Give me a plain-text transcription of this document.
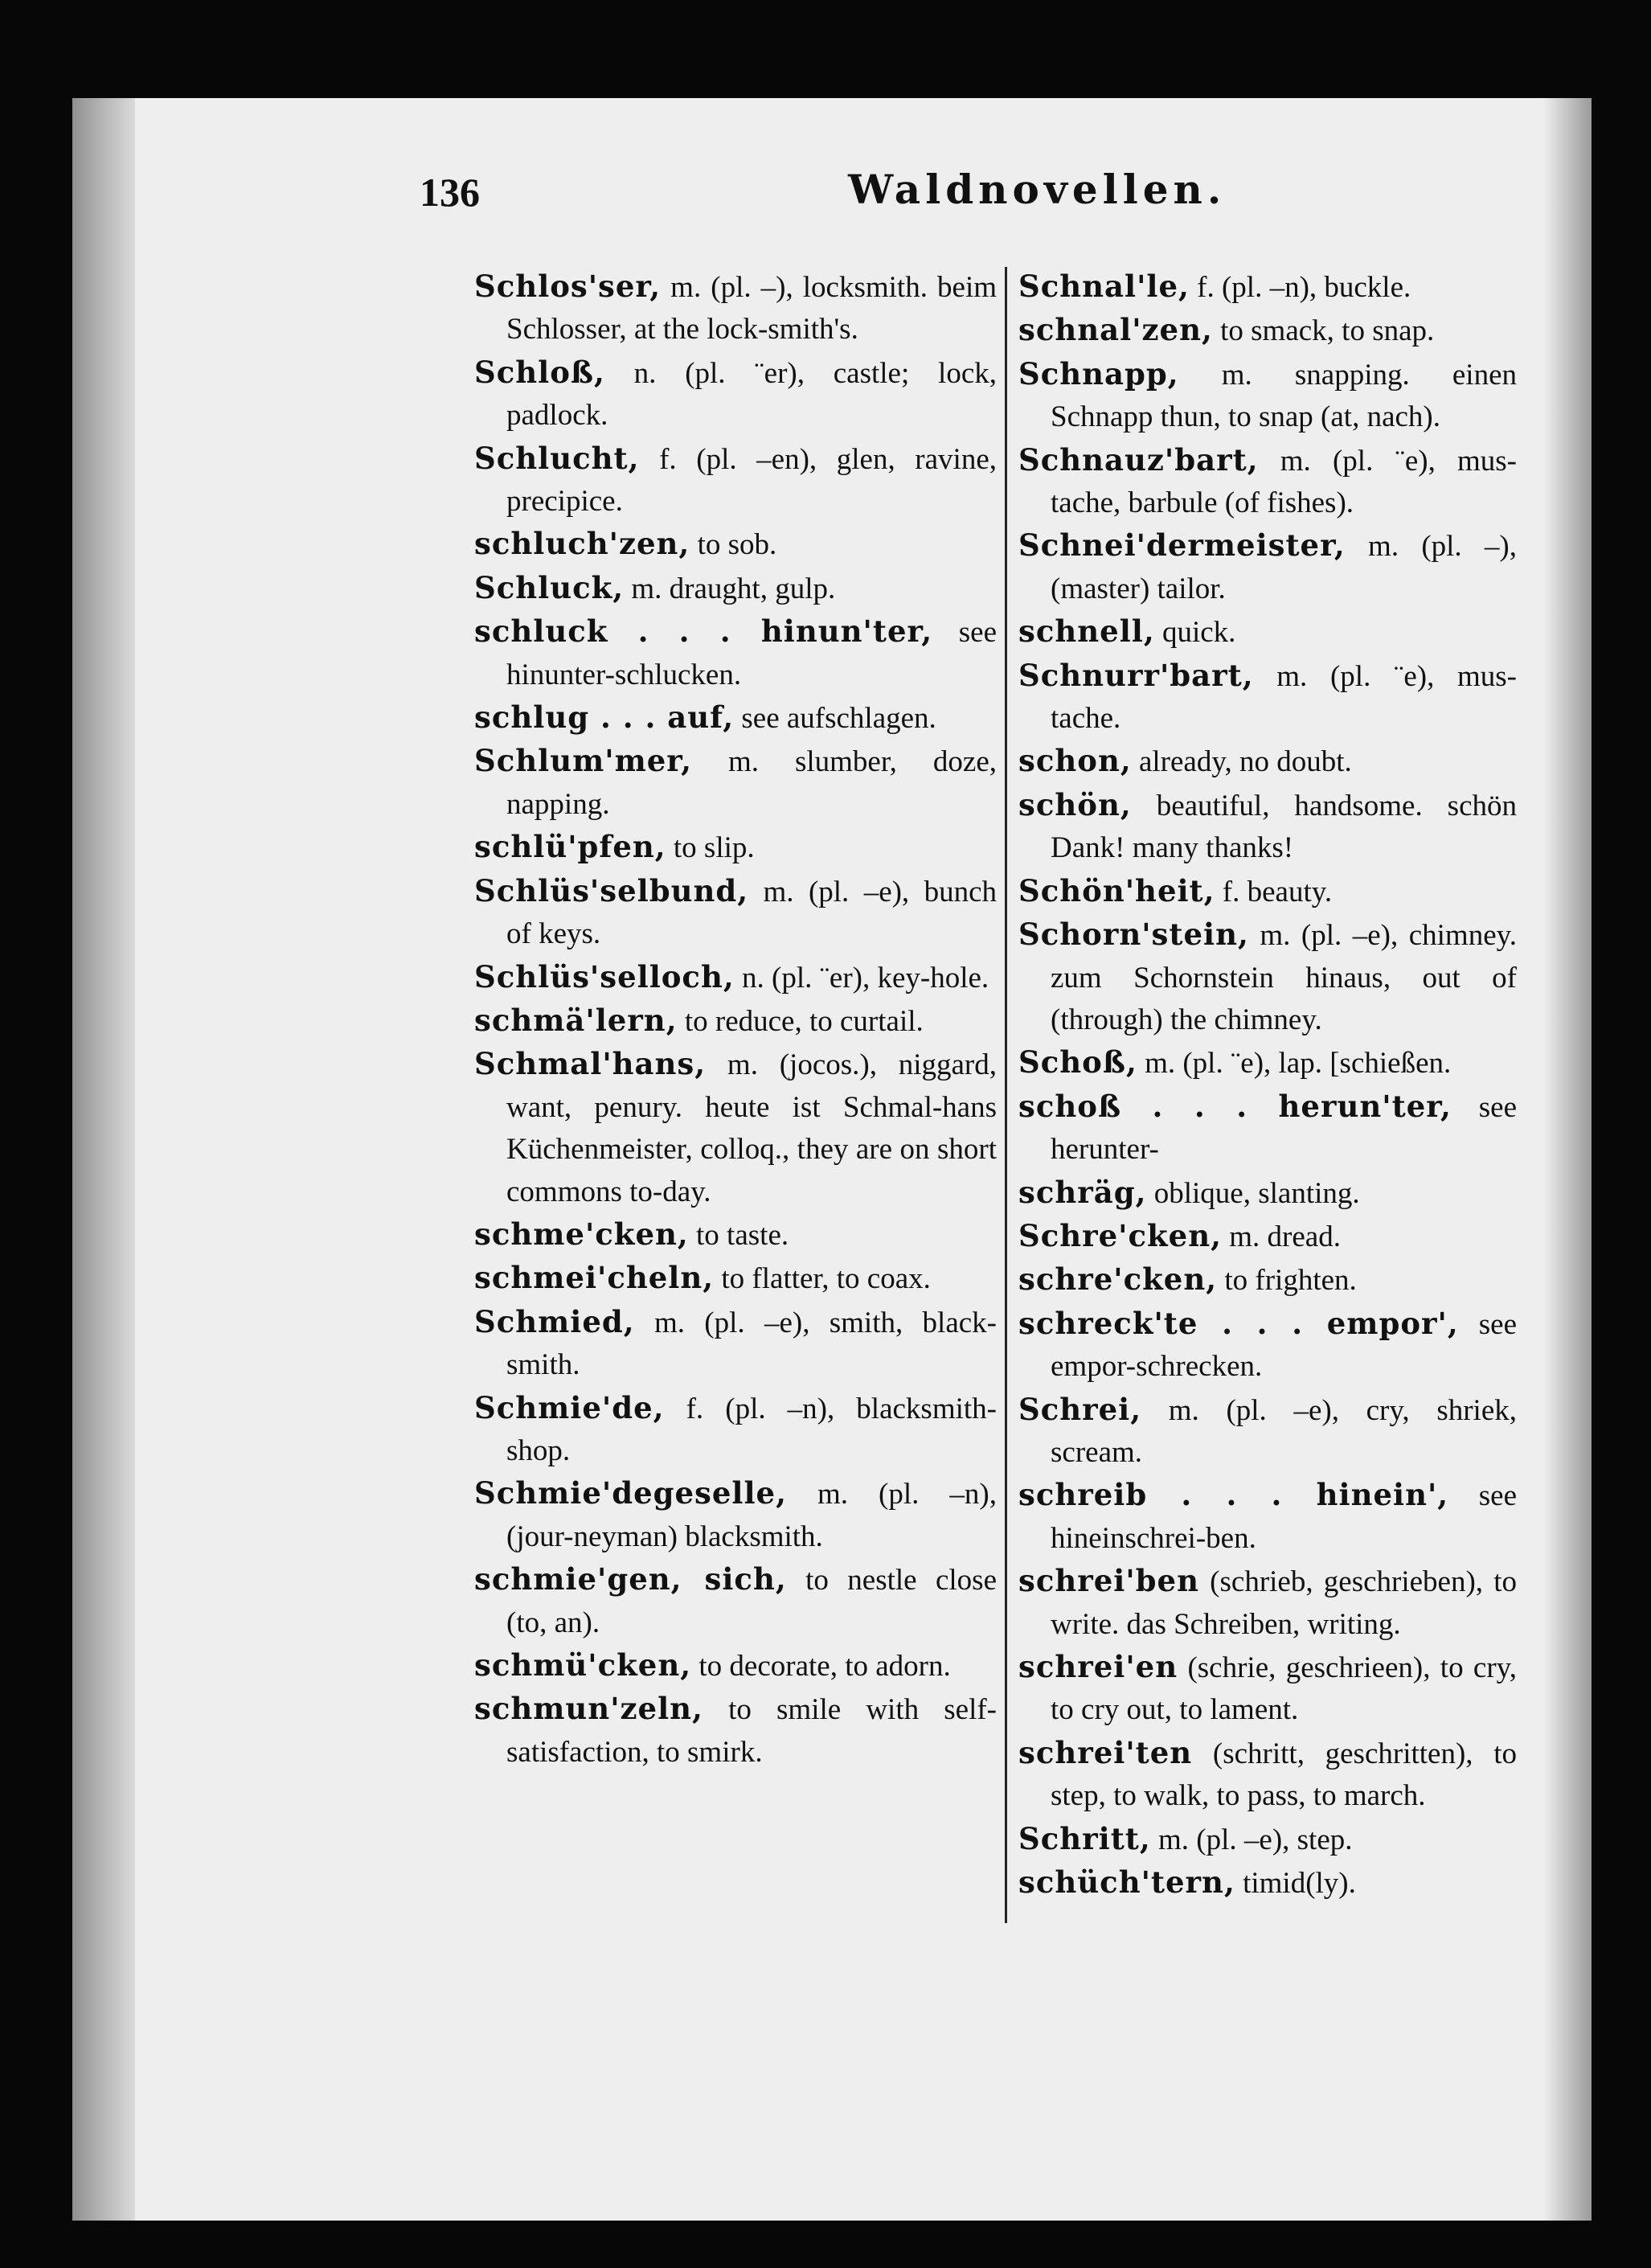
136	Waldnovellen.

Schlos'ser, m. (pl. –), locksmith. beim Schlosser, at the lock-smith's.

Schloß, n. (pl. ¨er), castle; lock, padlock.

Schlucht, f. (pl. –en), glen, ravine, precipice.

schluch'zen, to sob.

Schluck, m. draught, gulp.

schluck . . . hinun'ter, see hinunter-schlucken.

schlug . . . auf, see aufschlagen.

Schlum'mer, m. slumber, doze, napping.

schlü'pfen, to slip.

Schlüs'selbund, m. (pl. –e), bunch of keys.

Schlüs'selloch, n. (pl. ¨er), key-hole.

schmä'lern, to reduce, to curtail.

Schmal'hans, m. (jocos.), niggard, want, penury. heute ist Schmal-hans Küchenmeister, colloq., they are on short commons to-day.

schme'cken, to taste.

schmei'cheln, to flatter, to coax.

Schmied, m. (pl. –e), smith, black-smith.

Schmie'de, f. (pl. –n), blacksmith-shop.

Schmie'degeselle, m. (pl. –n), (jour-neyman) blacksmith.

schmie'gen, sich, to nestle close (to, an).

schmü'cken, to decorate, to adorn.

schmun'zeln, to smile with self-satisfaction, to smirk.

Schnal'le, f. (pl. –n), buckle.

schnal'zen, to smack, to snap.

Schnapp, m. snapping. einen Schnapp thun, to snap (at, nach).

Schnauz'bart, m. (pl. ¨e), mus-tache, barbule (of fishes).

Schnei'dermeister, m. (pl. –), (master) tailor.

schnell, quick.

Schnurr'bart, m. (pl. ¨e), mus-tache.

schon, already, no doubt.

schön, beautiful, handsome. schön Dank! many thanks!

Schön'heit, f. beauty.

Schorn'stein, m. (pl. –e), chimney. zum Schornstein hinaus, out of (through) the chimney.

Schoß, m. (pl. ¨e), lap. [schießen.

schoß . . . herun'ter, see herunter-

schräg, oblique, slanting.

Schre'cken, m. dread.

schre'cken, to frighten.

schreck'te . . . empor', see empor-schrecken.

Schrei, m. (pl. –e), cry, shriek, scream.

schreib . . . hinein', see hineinschrei-ben.

schrei'ben (schrieb, geschrieben), to write. das Schreiben, writing.

schrei'en (schrie, geschrieen), to cry, to cry out, to lament.

schrei'ten (schritt, geschritten), to step, to walk, to pass, to march.

Schritt, m. (pl. –e), step.

schüch'tern, timid(ly).
